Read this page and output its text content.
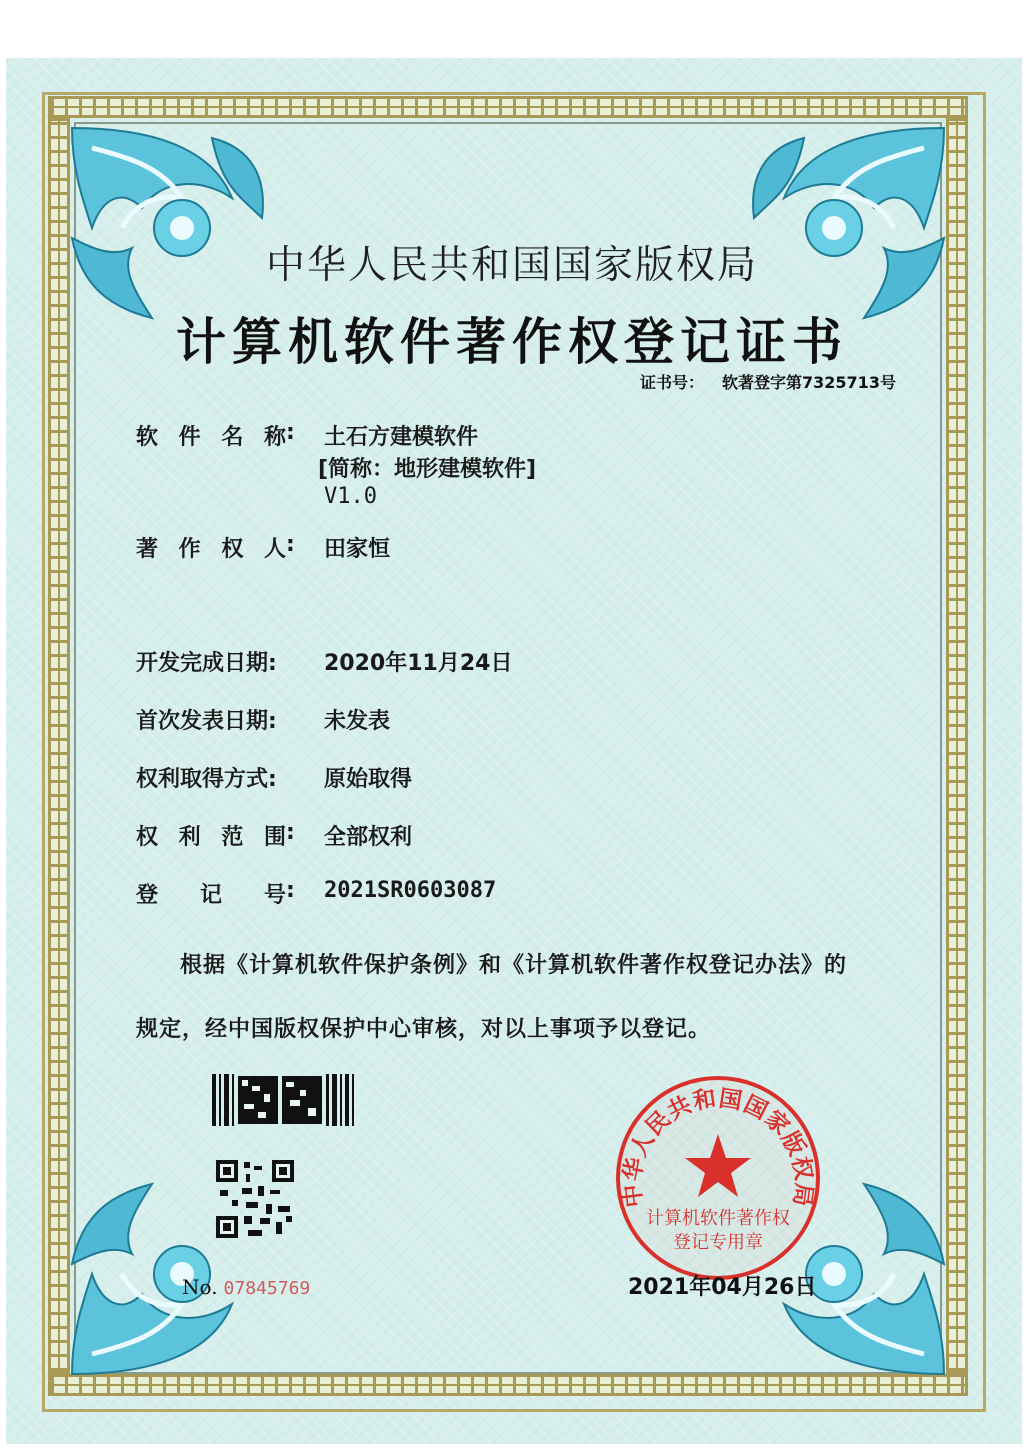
中华人民共和国国家版权局
计算机软件著作权登记证书
证书号： 软著登字第7325713号
软 件 名 称 : 土石方建模软件
[简称：地形建模软件]
V1.0
著 作 权 人 : 田家恒
开发完成日期:	2020年11月24日
首次发表日期:	未发表
权利取得方式:	原始取得
权 利 范 围 : 全部权利
登 记 号 : 2021SR0603087
根据《计算机软件保护条例》和《计算机软件著作权登记办法》的
规定，经中国版权保护中心审核，对以上事项予以登记。
No. 07845769
中华人民共和国国家版权局
计算机软件著作权
登记专用章
2021年04月26日
